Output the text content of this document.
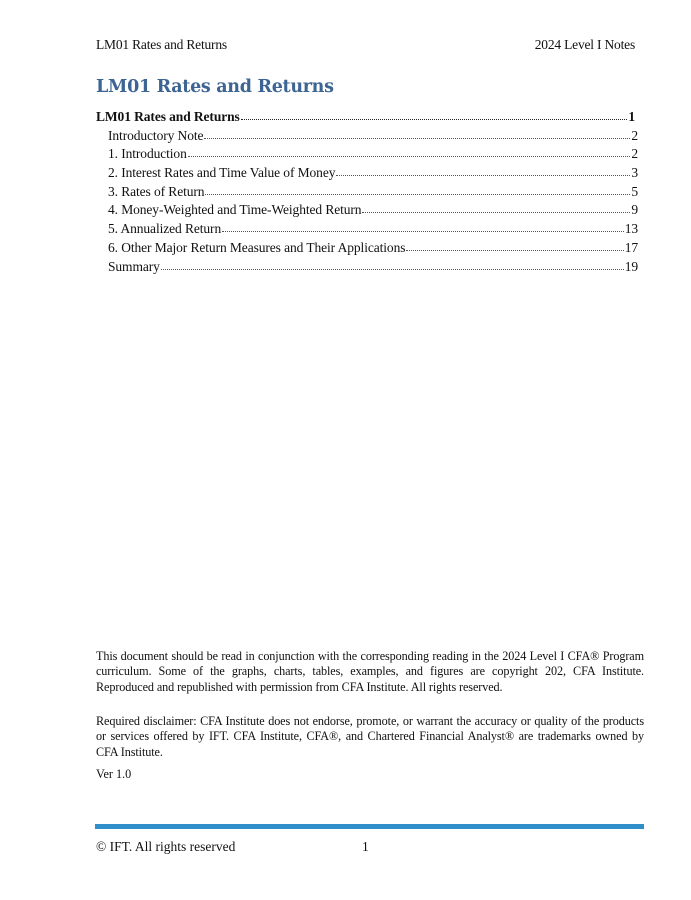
LM01 Rates and Returns	2024 Level I Notes
LM01 Rates and Returns
LM01 Rates and Returns	1
Introductory Note	2
1. Introduction	2
2. Interest Rates and Time Value of Money	3
3. Rates of Return	5
4. Money-Weighted and Time-Weighted Return	9
5. Annualized Return	13
6. Other Major Return Measures and Their Applications	17
Summary	19

This document should be read in conjunction with the corresponding reading in the 2024 Level I CFA® Program curriculum. Some of the graphs, charts, tables, examples, and figures are copyright 202, CFA Institute. Reproduced and republished with permission from CFA Institute. All rights reserved.

Required disclaimer: CFA Institute does not endorse, promote, or warrant the accuracy or quality of the products or services offered by IFT. CFA Institute, CFA®, and Chartered Financial Analyst® are trademarks owned by CFA Institute.
Ver 1.0
© IFT. All rights reserved	1
